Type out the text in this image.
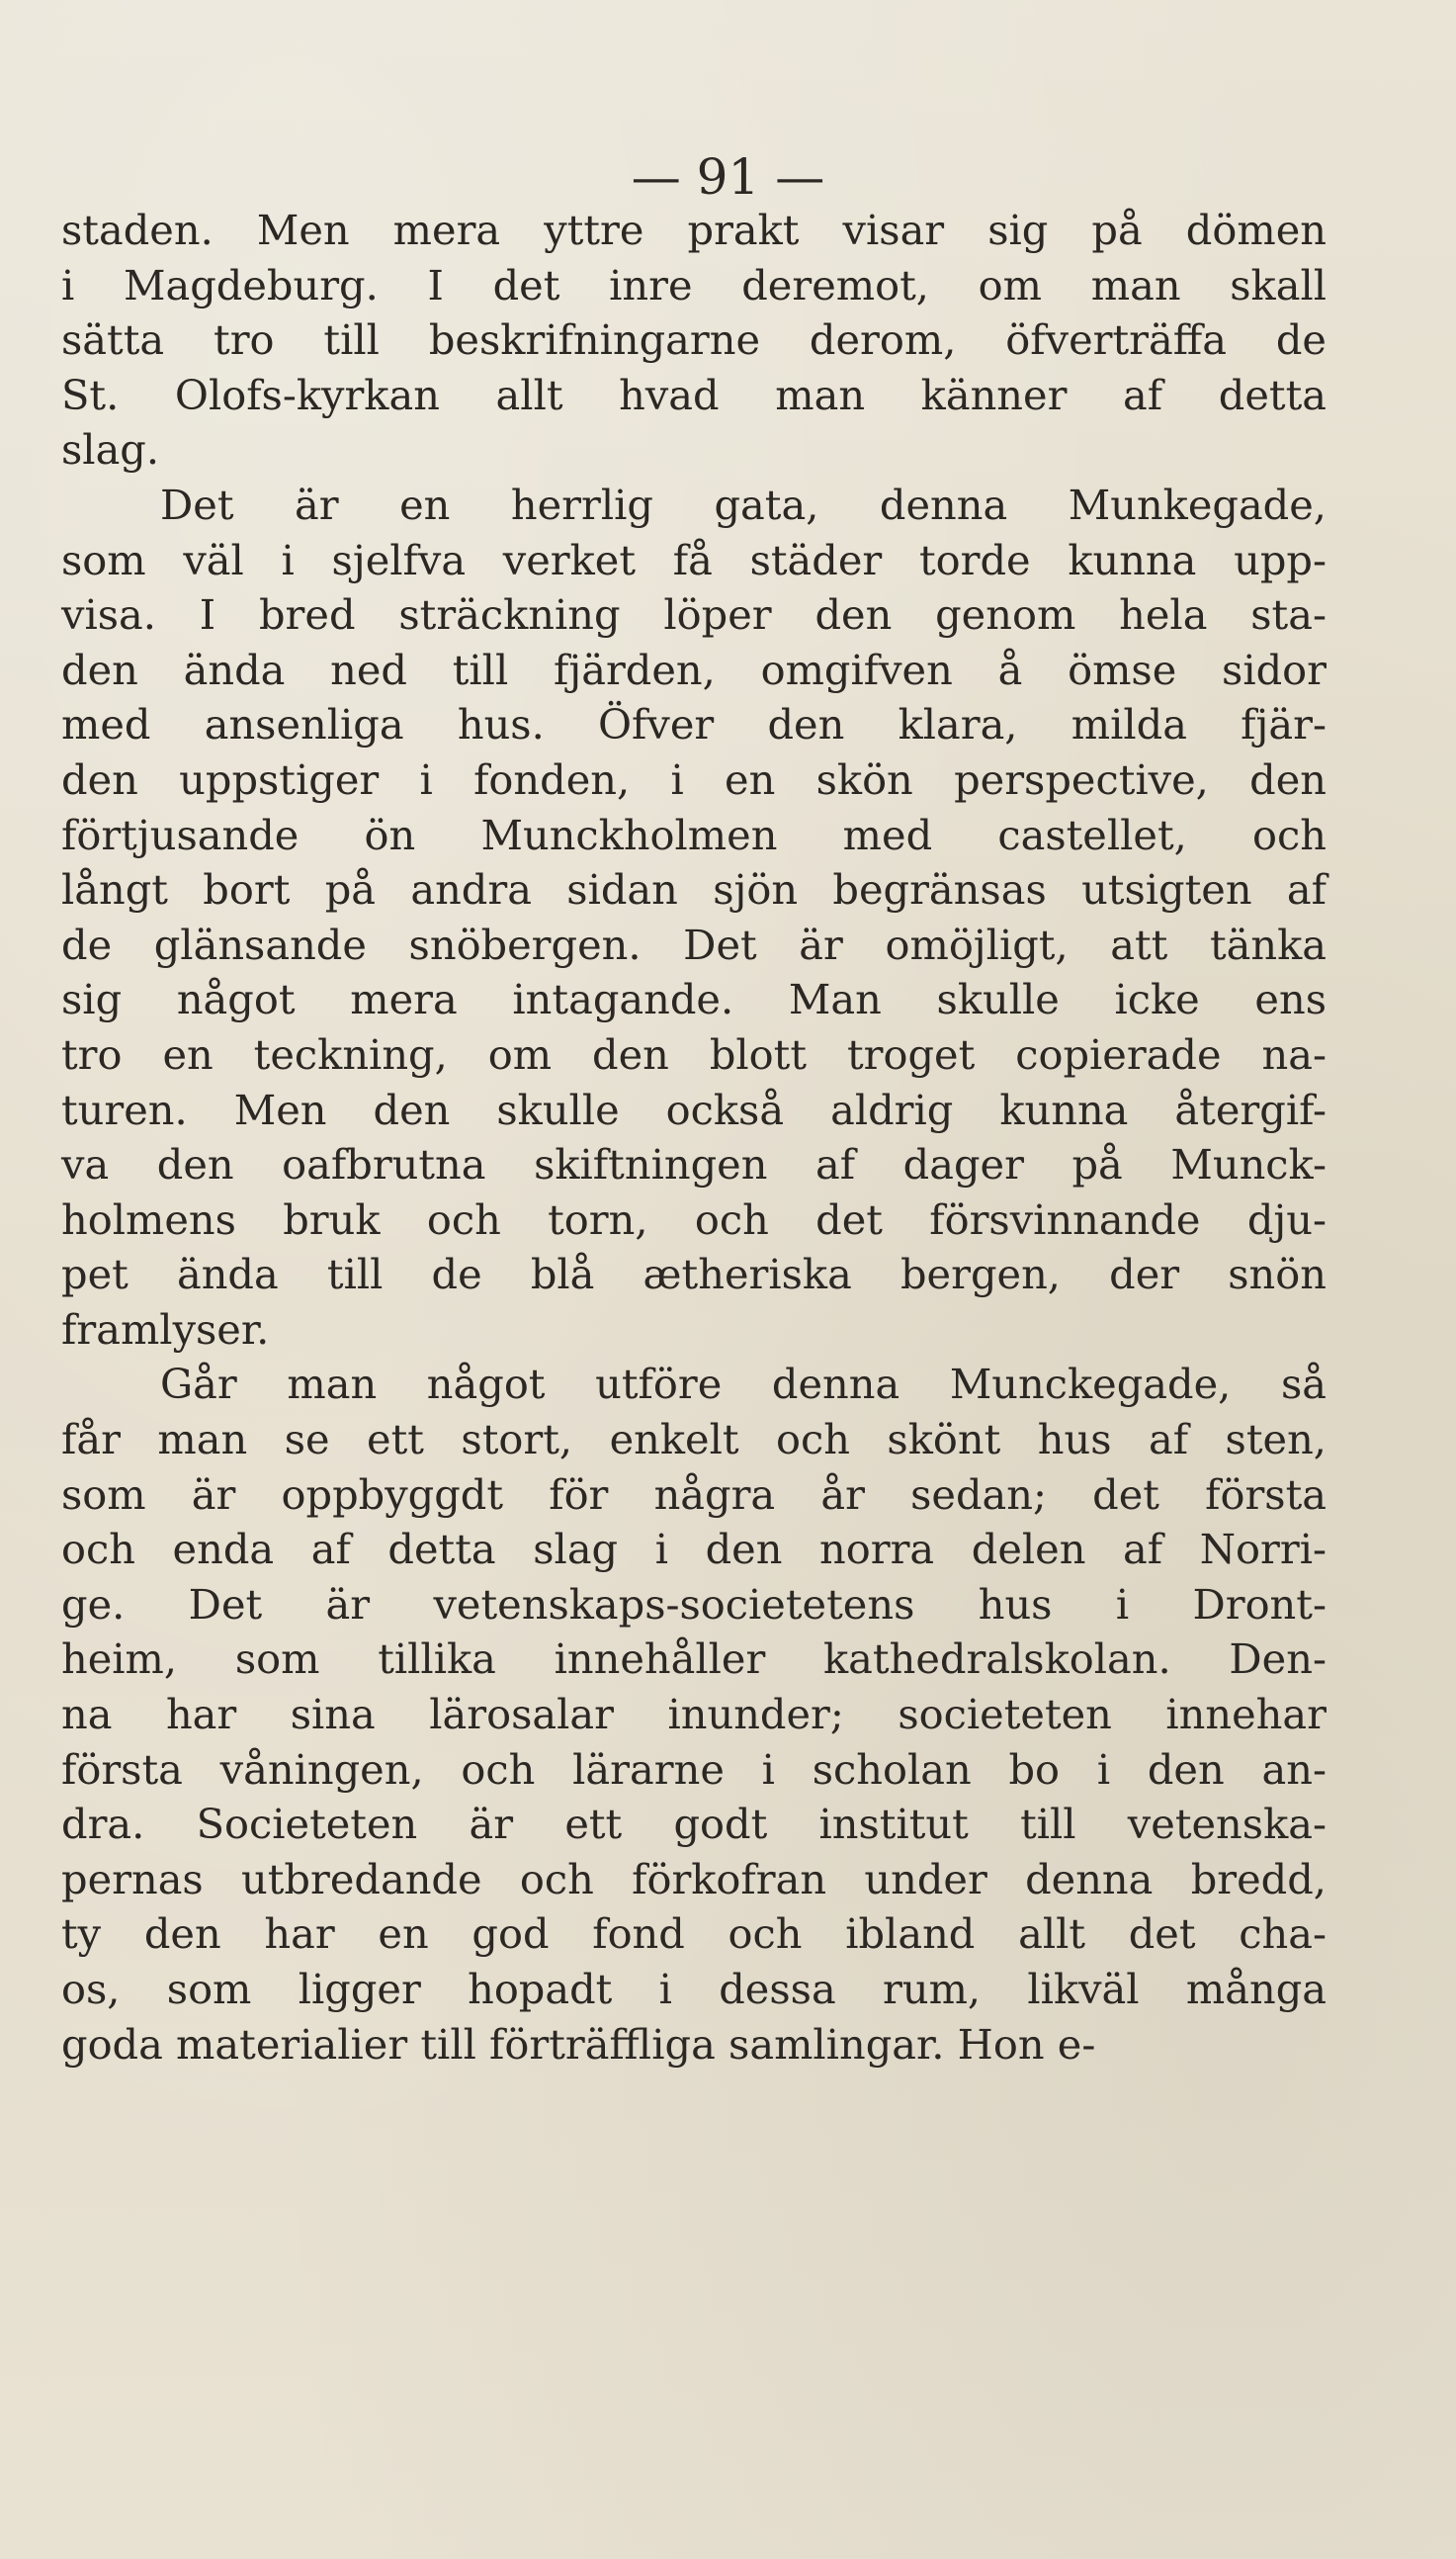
— 91 —
staden. Men mera yttre prakt visar sig på dömen
i Magdeburg. I det inre deremot, om man skall
sätta tro till beskrifningarne derom, öfverträffa de
St. Olofs-kyrkan allt hvad man känner af detta
slag.
Det är en herrlig gata, denna Munkegade,
som väl i sjelfva verket få städer torde kunna upp-
visa. I bred sträckning löper den genom hela sta-
den ända ned till fjärden, omgifven å ömse sidor
med ansenliga hus. Öfver den klara, milda fjär-
den uppstiger i fonden, i en skön perspective, den
förtjusande ön Munckholmen med castellet, och
långt bort på andra sidan sjön begränsas utsigten af
de glänsande snöbergen. Det är omöjligt, att tänka
sig något mera intagande. Man skulle icke ens
tro en teckning, om den blott troget copierade na-
turen. Men den skulle också aldrig kunna återgif-
va den oafbrutna skiftningen af dager på Munck-
holmens bruk och torn, och det försvinnande dju-
pet ända till de blå ætheriska bergen, der snön
framlyser.
Går man något utföre denna Munckegade, så
får man se ett stort, enkelt och skönt hus af sten,
som är oppbyggdt för några år sedan; det första
och enda af detta slag i den norra delen af Norri-
ge. Det är vetenskaps-societetens hus i Dront-
heim, som tillika innehåller kathedralskolan. Den-
na har sina lärosalar inunder; societeten innehar
första våningen, och lärarne i scholan bo i den an-
dra. Societeten är ett godt institut till vetenska-
pernas utbredande och förkofran under denna bredd,
ty den har en god fond och ibland allt det cha-
os, som ligger hopadt i dessa rum, likväl många
goda materialier till förträffliga samlingar. Hon e-
